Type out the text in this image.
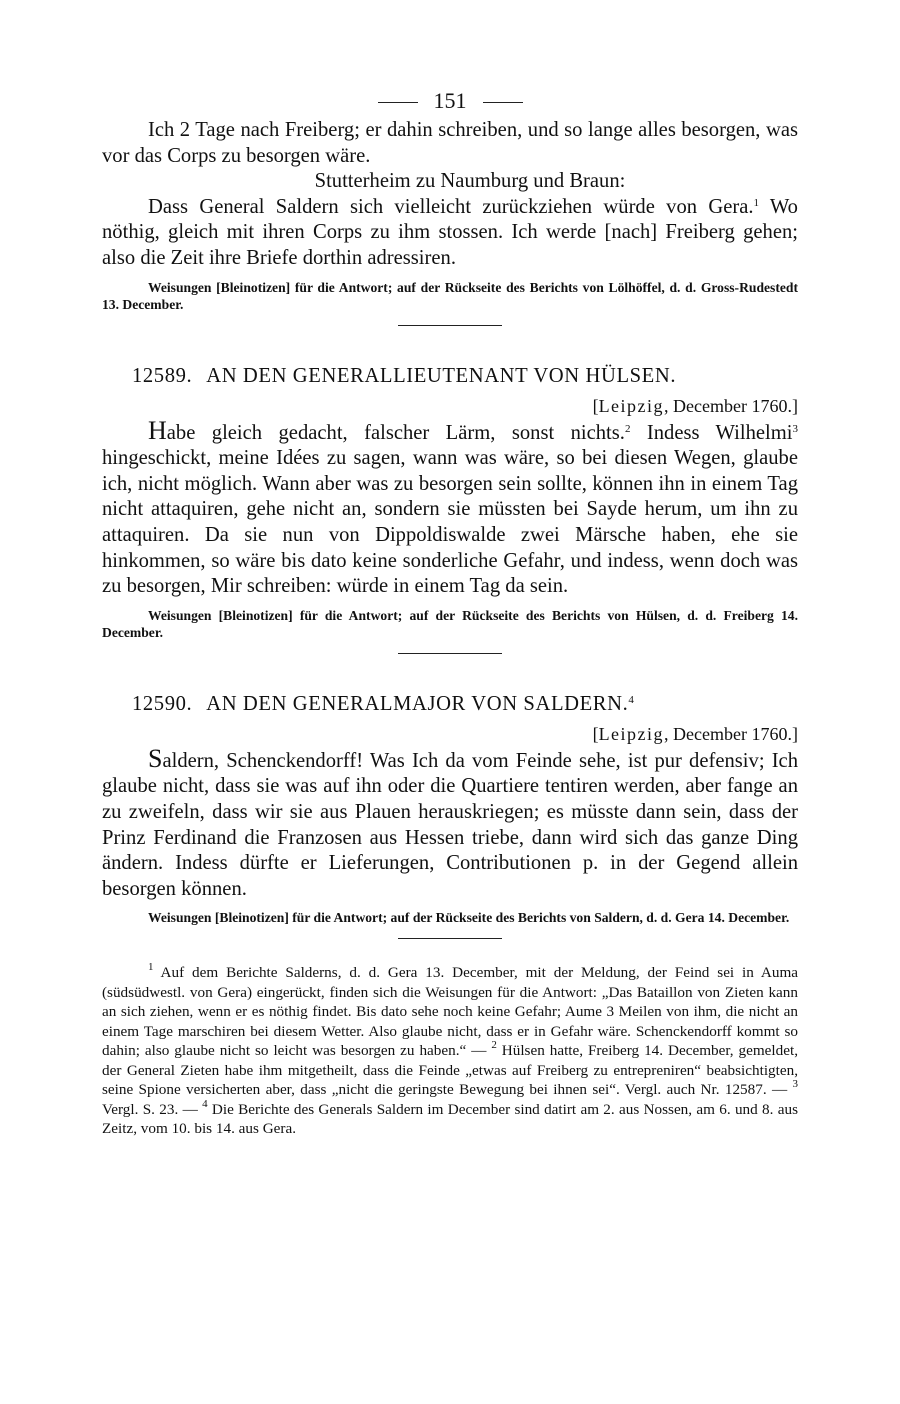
151

Ich 2 Tage nach Freiberg; er dahin schreiben, und so lange alles besorgen, was vor das Corps zu besorgen wäre.

Stutterheim zu Naumburg und Braun:

Dass General Saldern sich vielleicht zurückziehen würde von Gera.$^1$ Wo nöthig, gleich mit ihren Corps zu ihm stossen. Ich werde [nach] Freiberg gehen; also die Zeit ihre Briefe dorthin adressiren.

Weisungen [Bleinotizen] für die Antwort; auf der Rückseite des Berichts von Lölhöffel, d. d. Gross-Rudestedt 13. December.

12589. AN DEN GENERALLIEUTENANT VON HÜLSEN.
[Leipzig, December 1760.]

Habe gleich gedacht, falscher Lärm, sonst nichts.$^2$ Indess Wilhelmi$^3$ hingeschickt, meine Idées zu sagen, wann was wäre, so bei diesen Wegen, glaube ich, nicht möglich. Wann aber was zu besorgen sein sollte, können ihn in einem Tag nicht attaquiren, gehe nicht an, sondern sie müssten bei Sayde herum, um ihn zu attaquiren. Da sie nun von Dippoldiswalde zwei Märsche haben, ehe sie hinkommen, so wäre bis dato keine sonderliche Gefahr, und indess, wenn doch was zu besorgen, Mir schreiben: würde in einem Tag da sein.

Weisungen [Bleinotizen] für die Antwort; auf der Rückseite des Berichts von Hülsen, d. d. Freiberg 14. December.

12590. AN DEN GENERALMAJOR VON SALDERN.$^4$
[Leipzig, December 1760.]

Saldern, Schenckendorff! Was Ich da vom Feinde sehe, ist pur defensiv; Ich glaube nicht, dass sie was auf ihn oder die Quartiere tentiren werden, aber fange an zu zweifeln, dass wir sie aus Plauen herauskriegen; es müsste dann sein, dass der Prinz Ferdinand die Franzosen aus Hessen triebe, dann wird sich das ganze Ding ändern. Indess dürfte er Lieferungen, Contributionen p. in der Gegend allein besorgen können.

Weisungen [Bleinotizen] für die Antwort; auf der Rückseite des Berichts von Saldern, d. d. Gera 14. December.

$^1$ Auf dem Berichte Salderns, d. d. Gera 13. December, mit der Meldung, der Feind sei in Auma (südsüdwestl. von Gera) eingerückt, finden sich die Weisungen für die Antwort: „Das Bataillon von Zieten kann an sich ziehen, wenn er es nöthig findet. Bis dato sehe noch keine Gefahr; Aume 3 Meilen von ihm, die nicht an einem Tage marschiren bei diesem Wetter. Also glaube nicht, dass er in Gefahr wäre. Schenckendorff kommt so dahin; also glaube nicht so leicht was besorgen zu haben.“ — $^2$ Hülsen hatte, Freiberg 14. December, gemeldet, der General Zieten habe ihm mitgetheilt, dass die Feinde „etwas auf Freiberg zu entrepreniren“ beabsichtigten, seine Spione versicherten aber, dass „nicht die geringste Bewegung bei ihnen sei“. Vergl. auch Nr. 12587. — $^3$ Vergl. S. 23. — $^4$ Die Berichte des Generals Saldern im December sind datirt am 2. aus Nossen, am 6. und 8. aus Zeitz, vom 10. bis 14. aus Gera.
